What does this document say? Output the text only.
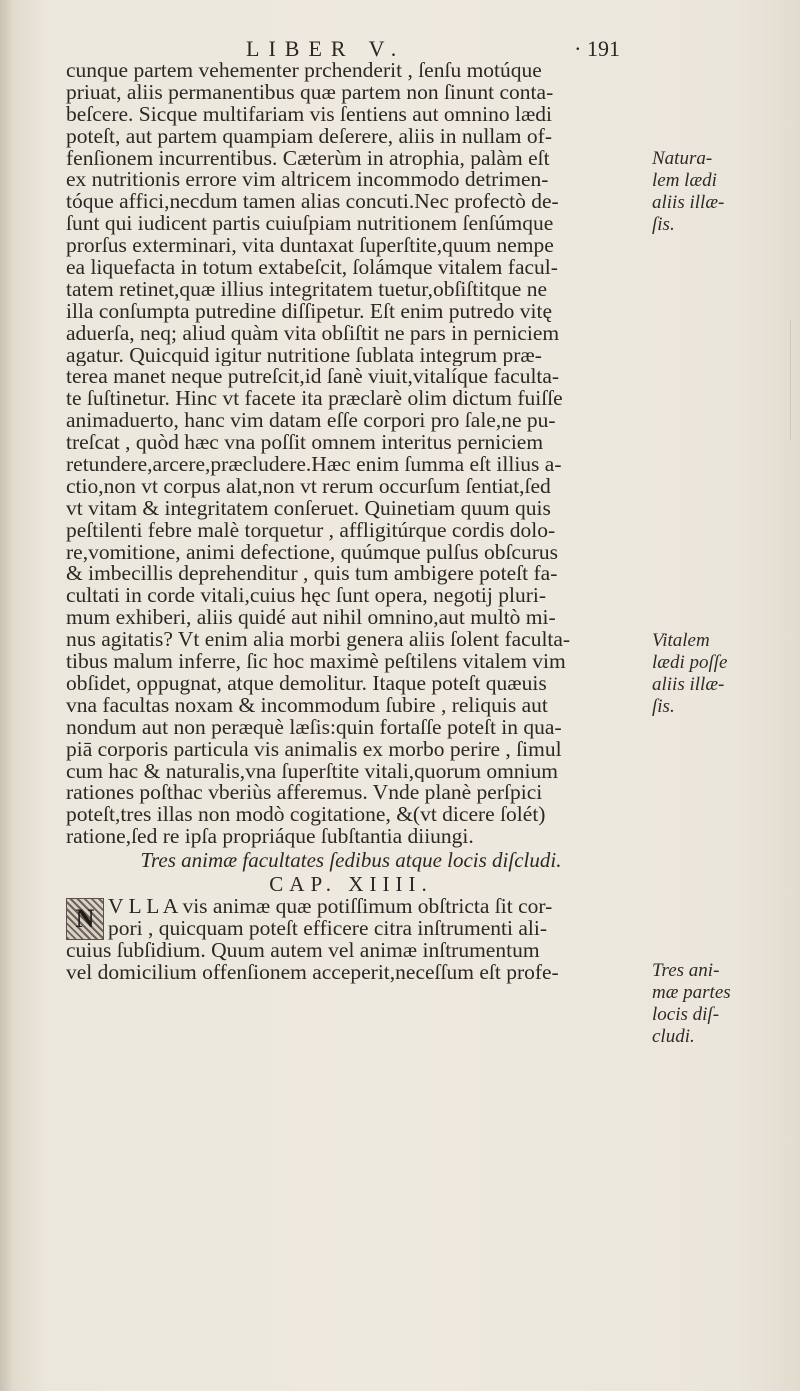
LIBER V.	· 191
cunque partem vehementer prchenderit , ſenſu motúque
priuat, aliis permanentibus quæ partem non ſinunt conta-
beſcere. Sicque multifariam vis ſentiens aut omnino lædi
poteſt, aut partem quampiam deſerere, aliis in nullam of-
fenſionem incurrentibus. Cæterùm in atrophia, palàm eſt
ex nutritionis errore vim altricem incommodo detrimen-
tóque affici,necdum tamen alias concuti.Nec profectò de-
ſunt qui iudicent partis cuiuſpiam nutritionem ſenſúmque
prorſus exterminari, vita duntaxat ſuperſtite,quum nempe
ea liquefacta in totum extabeſcit, ſolámque vitalem facul-
tatem retinet,quæ illius integritatem tuetur,obſiſtitque ne
illa conſumpta putredine diſſipetur. Eſt enim putredo vitę
aduerſa, neq; aliud quàm vita obſiſtit ne pars in perniciem
agatur. Quicquid igitur nutritione ſublata integrum præ-
terea manet neque putreſcit,id ſanè viuit,vitalíque faculta-
te ſuſtinetur. Hinc vt facete ita præclarè olim dictum fuiſſe
animaduerto, hanc vim datam eſſe corpori pro ſale,ne pu-
treſcat , quòd hæc vna poſſit omnem interitus perniciem
retundere,arcere,præcludere.Hæc enim ſumma eſt illius a-
ctio,non vt corpus alat,non vt rerum occurſum ſentiat,ſed
vt vitam & integritatem conſeruet. Quinetiam quum quis
peſtilenti febre malè torquetur , affligitúrque cordis dolo-
re,vomitione, animi defectione, quúmque pulſus obſcurus
& imbecillis deprehenditur , quis tum ambigere poteſt fa-
cultati in corde vitali,cuius hęc ſunt opera, negotij pluri-
mum exhiberi, aliis quidé aut nihil omnino,aut multò mi-
nus agitatis? Vt enim alia morbi genera aliis ſolent faculta-
tibus malum inferre, ſic hoc maximè peſtilens vitalem vim
obſidet, oppugnat, atque demolitur. Itaque poteſt quæuis
vna facultas noxam & incommodum ſubire , reliquis aut
nondum aut non peræquè læſis:quin fortaſſe poteſt in qua-
piā corporis particula vis animalis ex morbo perire , ſimul
cum hac & naturalis,vna ſuperſtite vitali,quorum omnium
rationes poſthac vberiùs afferemus. Vnde planè perſpici
poteſt,tres illas non modò cogitatione, &(vt dicere ſolét)
ratione,ſed re ipſa propriáque ſubſtantia diiungi.
Tres animæ facultates ſedibus atque locis diſcludi.
CAP. XIIII.
N V L L A vis animæ quæ potiſſimum obſtricta ſit cor-
pori , quicquam poteſt efficere citra inſtrumenti ali-
cuius ſubſidium. Quum autem vel animæ inſtrumentum
vel domicilium offenſionem acceperit,neceſſum eſt profe-
Natura-
lem lædi
aliis illæ-
ſis.
Vitalem
lædi poſſe
aliis illæ-
ſis.
Tres ani-
mæ partes
locis diſ-
cludi.
